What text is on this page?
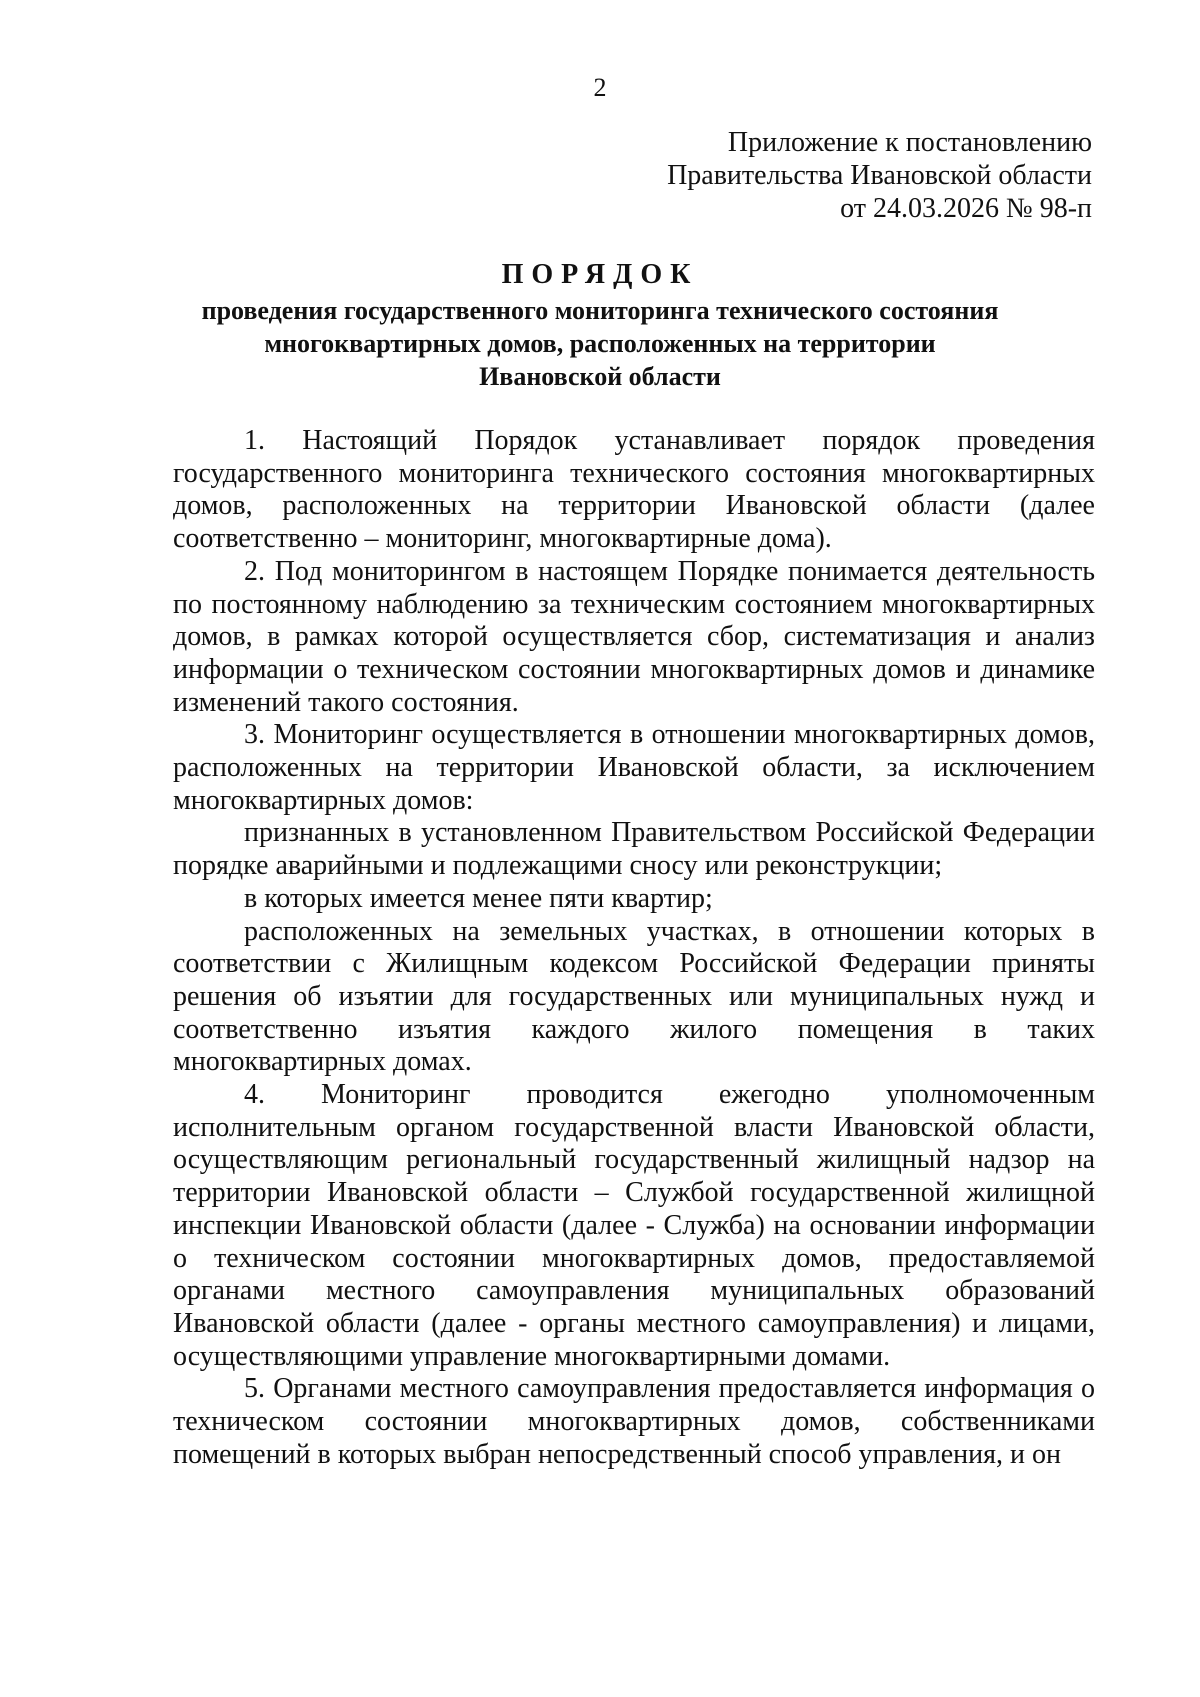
2
Приложение к постановлению
Правительства Ивановской области
от 24.03.2026 № 98-п
ПОРЯДОК
проведения государственного мониторинга технического состояния
многоквартирных домов, расположенных на территории
Ивановской области

1. Настоящий Порядок устанавливает порядок проведения государственного мониторинга технического состояния многоквартирных домов, расположенных на территории Ивановской области (далее соответственно – мониторинг, многоквартирные дома).

2. Под мониторингом в настоящем Порядке понимается деятельность по постоянному наблюдению за техническим состоянием многоквартирных домов, в рамках которой осуществляется сбор, систематизация и анализ информации о техническом состоянии многоквартирных домов и динамике изменений такого состояния.

3. Мониторинг осуществляется в отношении многоквартирных домов, расположенных на территории Ивановской области, за исключением многоквартирных домов:

признанных в установленном Правительством Российской Федерации порядке аварийными и подлежащими сносу или реконструкции;

в которых имеется менее пяти квартир;

расположенных на земельных участках, в отношении которых в соответствии с Жилищным кодексом Российской Федерации приняты решения об изъятии для государственных или муниципальных нужд и соответственно изъятия каждого жилого помещения в таких многоквартирных домах.

4. Мониторинг проводится ежегодно уполномоченным исполнительным органом государственной власти Ивановской области, осуществляющим региональный государственный жилищный надзор на территории Ивановской области – Службой государственной жилищной инспекции Ивановской области (далее - Служба) на основании информации о техническом состоянии многоквартирных домов, предоставляемой органами местного самоуправления муниципальных образований Ивановской области (далее - органы местного самоуправления) и лицами, осуществляющими управление многоквартирными домами.

5. Органами местного самоуправления предоставляется информация о техническом состоянии многоквартирных домов, собственниками помещений в которых выбран непосредственный способ управления, и он
